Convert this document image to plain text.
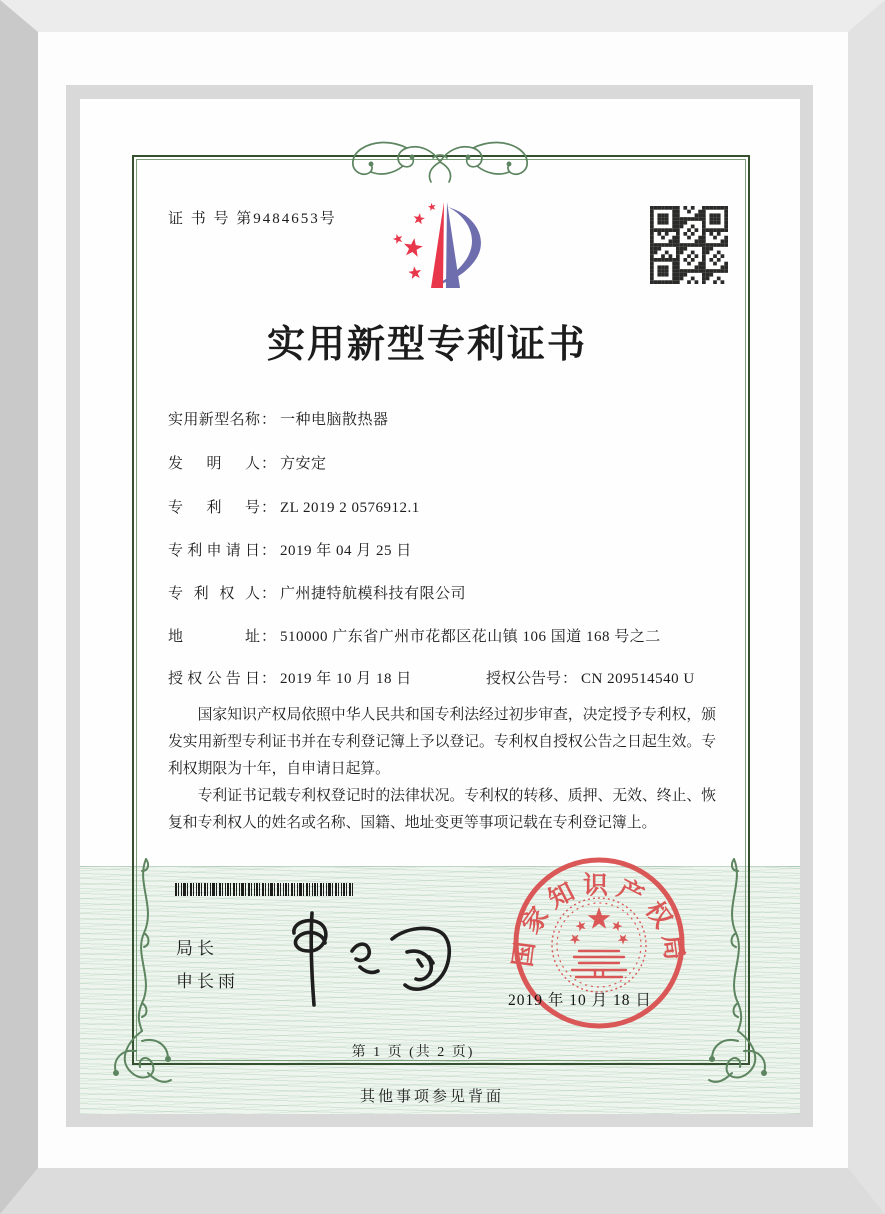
证 书 号 第9484653号
实用新型专利证书
实用新型名称： 一种电脑散热器
发明人： 方安定
专利号： ZL 2019 2 0576912.1
专利申请日： 2019 年 04 月 25 日
专利权人： 广州捷特航模科技有限公司
地址： 510000 广东省广州市花都区花山镇 106 国道 168 号之二
授权公告日： 2019 年 10 月 18 日	授权公告号： CN 209514540 U

国家知识产权局依照中华人民共和国专利法经过初步审查，决定授予专利权，颁发实用新型专利证书并在专利登记簿上予以登记。专利权自授权公告之日起生效。专利权期限为十年，自申请日起算。

专利证书记载专利权登记时的法律状况。专利权的转移、质押、无效、终止、恢复和专利权人的姓名或名称、国籍、地址变更等事项记载在专利登记簿上。

局长
申长雨
国家知识产权局
2019 年 10 月 18 日
第 1 页 (共 2 页)
其他事项参见背面
